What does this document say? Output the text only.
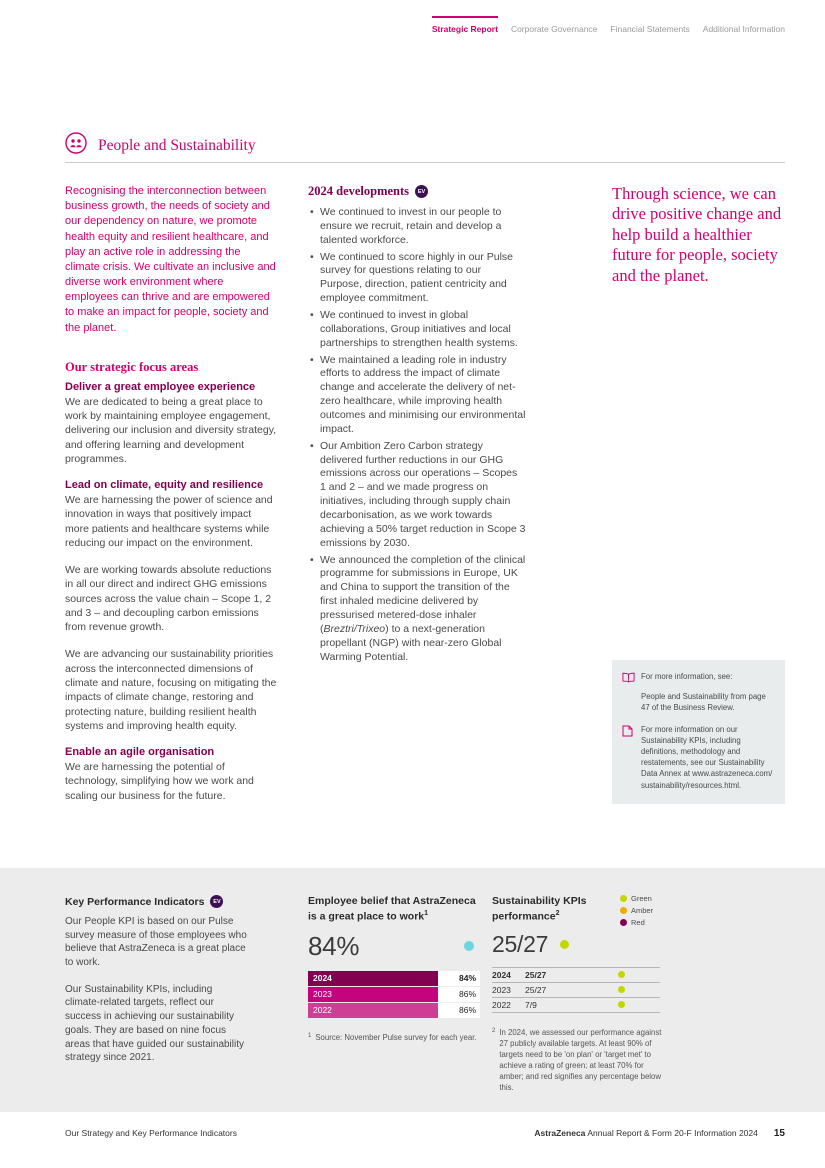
Strategic Report Corporate Governance Financial Statements Additional Information
People and Sustainability

Recognising the interconnection between business growth, the needs of society and our dependency on nature, we promote health equity and resilient healthcare, and play an active role in addressing the climate crisis. We cultivate an inclusive and diverse work environment where employees can thrive and are empowered to make an impact for people, society and the planet.

Our strategic focus areas
Deliver a great employee experience

We are dedicated to being a great place to work by maintaining employee engagement, delivering our inclusion and diversity strategy, and offering learning and development programmes.

Lead on climate, equity and resilience

We are harnessing the power of science and innovation in ways that positively impact more patients and healthcare systems while reducing our impact on the environment.

We are working towards absolute reductions in all our direct and indirect GHG emissions sources across the value chain – Scope 1, 2 and 3 – and decoupling carbon emissions from revenue growth.

We are advancing our sustainability priorities across the interconnected dimensions of climate and nature, focusing on mitigating the impacts of climate change, restoring and protecting nature, building resilient health systems and improving health equity.

Enable an agile organisation

We are harnessing the potential of technology, simplifying how we work and scaling our business for the future.

2024 developments	EV
• We continued to invest in our people to ensure we recruit, retain and develop a talented workforce.
• We continued to score highly in our Pulse survey for questions relating to our Purpose, direction, patient centricity and employee commitment.
• We continued to invest in global collaborations, Group initiatives and local partnerships to strengthen health systems.
• We maintained a leading role in industry efforts to address the impact of climate change and accelerate the delivery of net-zero healthcare, while improving health outcomes and minimising our environmental impact.
• Our Ambition Zero Carbon strategy delivered further reductions in our GHG emissions across our operations – Scopes 1 and 2 – and we made progress on initiatives, including through supply chain decarbonisation, as we work towards achieving a 50% target reduction in Scope 3 emissions by 2030.
• We announced the completion of the clinical programme for submissions in Europe, UK and China to support the transition of the first inhaled medicine delivered by pressurised metered-dose inhaler (Breztri/Trixeo) to a next-generation propellant (NGP) with near-zero Global Warming Potential.

Through science, we can drive positive change and help build a healthier future for people, society and the planet.

For more information, see:

People and Sustainability from page 47 of the Business Review.

For more information on our Sustainability KPIs, including definitions, methodology and restatements, see our Sustainability Data Annex at www.astrazeneca.com/ sustainability/resources.html.

Key Performance Indicators	EV

Our People KPI is based on our Pulse survey measure of those employees who believe that AstraZeneca is a great place to work.

Our Sustainability KPIs, including climate-related targets, reflect our success in achieving our sustainability goals. They are based on nine focus areas that have guided our sustainability strategy since 2021.

Employee belief that AstraZeneca is a great place to work$^1$
84%
2024	84%
2023	86%
2022	86%

1 Source: November Pulse survey for each year.

Sustainability KPIs performance$^2$
Green
Amber
Red
25/27
2024 25/27
2023 25/27
2022 7/9

2 In 2024, we assessed our performance against 27 publicly available targets. At least 90% of targets need to be 'on plan' or 'target met' to achieve a rating of green; at least 70% for amber; and red signifies any percentage below this.

Our Strategy and Key Performance Indicators	AstraZeneca Annual Report & Form 20-F Information 2024 15
